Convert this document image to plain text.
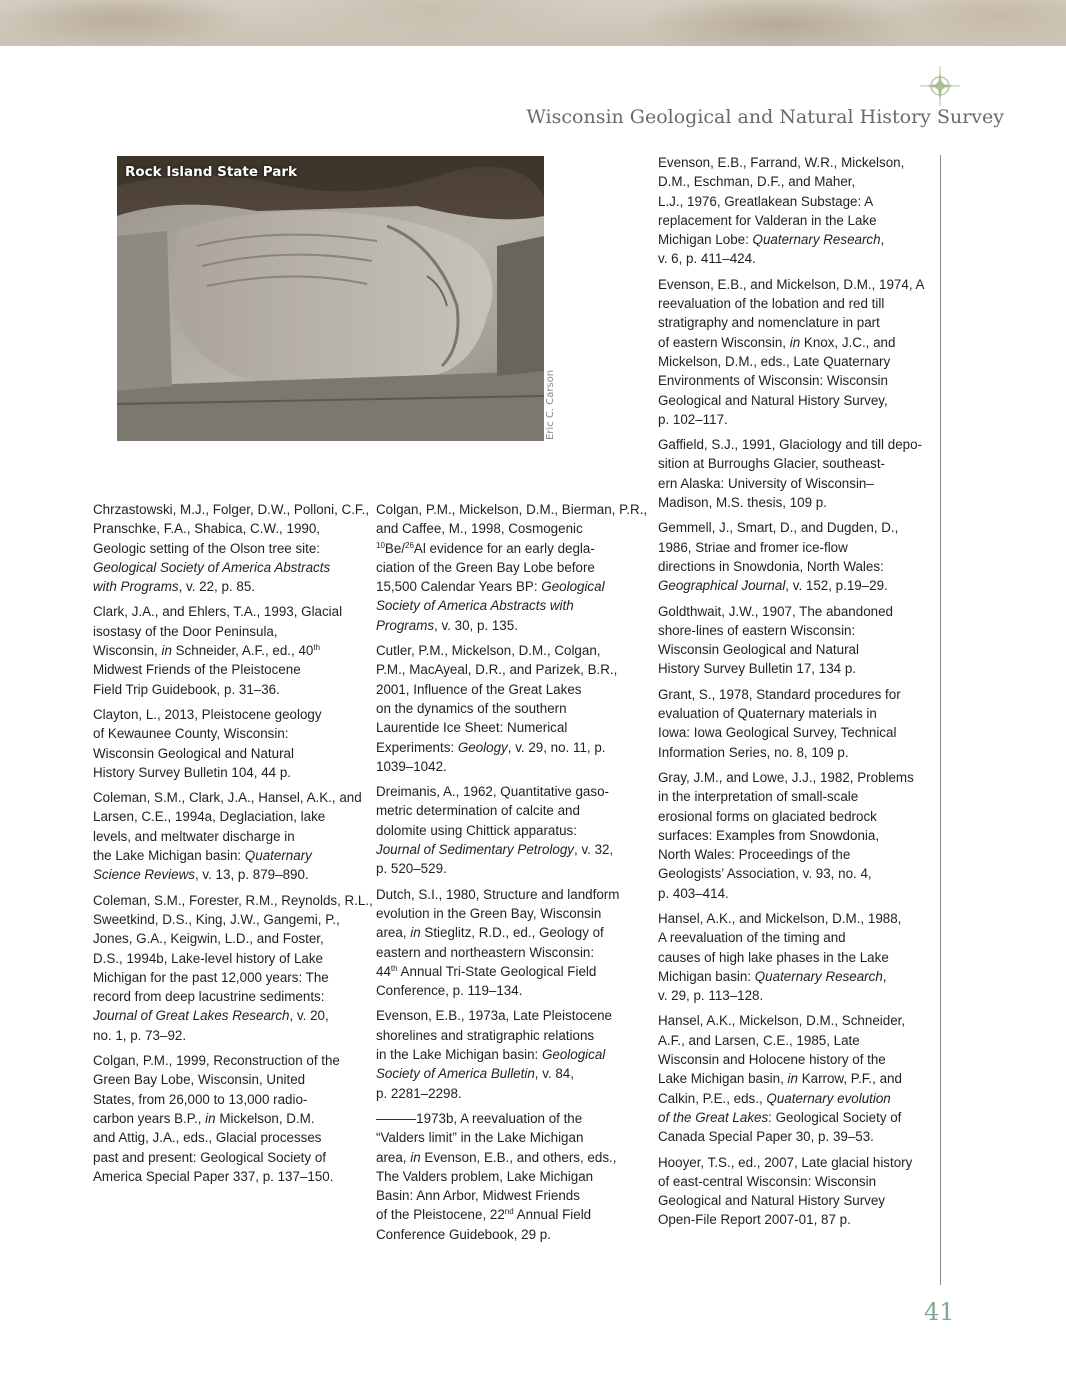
Wisconsin Geological and Natural History Survey
Rock Island State Park
Eric C. Carson

Chrzastowski, M.J., Folger, D.W., Polloni, C.F.,
Pranschke, F.A., Shabica, C.W., 1990,
Geologic setting of the Olson tree site:
Geological Society of America Abstracts
with Programs, v. 22, p. 85.

Clark, J.A., and Ehlers, T.A., 1993, Glacial
isostasy of the Door Peninsula,
Wisconsin, in Schneider, A.F., ed., 40th
Midwest Friends of the Pleistocene
Field Trip Guidebook, p. 31–36.

Clayton, L., 2013, Pleistocene geology
of Kewaunee County, Wisconsin:
Wisconsin Geological and Natural
History Survey Bulletin 104, 44 p.

Coleman, S.M., Clark, J.A., Hansel, A.K., and
Larsen, C.E., 1994a, Deglaciation, lake
levels, and meltwater discharge in
the Lake Michigan basin: Quaternary
Science Reviews, v. 13, p. 879–890.

Coleman, S.M., Forester, R.M., Reynolds, R.L.,
Sweetkind, D.S., King, J.W., Gangemi, P.,
Jones, G.A., Keigwin, L.D., and Foster,
D.S., 1994b, Lake-level history of Lake
Michigan for the past 12,000 years: The
record from deep lacustrine sediments:
Journal of Great Lakes Research, v. 20,
no. 1, p. 73–92.

Colgan, P.M., 1999, Reconstruction of the
Green Bay Lobe, Wisconsin, United
States, from 26,000 to 13,000 radio-
carbon years B.P., in Mickelson, D.M.
and Attig, J.A., eds., Glacial processes
past and present: Geological Society of
America Special Paper 337, p. 137–150.

Colgan, P.M., Mickelson, D.M., Bierman, P.R.,
and Caffee, M., 1998, Cosmogenic
$^{10}$Be/$^{26}$Al evidence for an early degla-
ciation of the Green Bay Lobe before
15,500 Calendar Years BP: Geological
Society of America Abstracts with
Programs, v. 30, p. 135.

Cutler, P.M., Mickelson, D.M., Colgan,
P.M., MacAyeal, D.R., and Parizek, B.R.,
2001, Influence of the Great Lakes
on the dynamics of the southern
Laurentide Ice Sheet: Numerical
Experiments: Geology, v. 29, no. 11, p.
1039–1042.

Dreimanis, A., 1962, Quantitative gaso-
metric determination of calcite and
dolomite using Chittick apparatus:
Journal of Sedimentary Petrology, v. 32,
p. 520–529.

Dutch, S.I., 1980, Structure and landform
evolution in the Green Bay, Wisconsin
area, in Stieglitz, R.D., ed., Geology of
eastern and northeastern Wisconsin:
44th Annual Tri-State Geological Field
Conference, p. 119–134.

Evenson, E.B., 1973a, Late Pleistocene
shorelines and stratigraphic relations
in the Lake Michigan basin: Geological
Society of America Bulletin, v. 84,
p. 2281–2298.

———1973b, A reevaluation of the
“Valders limit” in the Lake Michigan
area, in Evenson, E.B., and others, eds.,
The Valders problem, Lake Michigan
Basin: Ann Arbor, Midwest Friends
of the Pleistocene, 22nd Annual Field
Conference Guidebook, 29 p.

Evenson, E.B., Farrand, W.R., Mickelson,
D.M., Eschman, D.F., and Maher,
L.J., 1976, Greatlakean Substage: A
replacement for Valderan in the Lake
Michigan Lobe: Quaternary Research,
v. 6, p. 411–424.

Evenson, E.B., and Mickelson, D.M., 1974, A
reevaluation of the lobation and red till
stratigraphy and nomenclature in part
of eastern Wisconsin, in Knox, J.C., and
Mickelson, D.M., eds., Late Quaternary
Environments of Wisconsin: Wisconsin
Geological and Natural History Survey,
p. 102–117.

Gaffield, S.J., 1991, Glaciology and till depo-
sition at Burroughs Glacier, southeast-
ern Alaska: University of Wisconsin–
Madison, M.S. thesis, 109 p.

Gemmell, J., Smart, D., and Dugden, D.,
1986, Striae and fromer ice-flow
directions in Snowdonia, North Wales:
Geographical Journal, v. 152, p.19–29.

Goldthwait, J.W., 1907, The abandoned
shore-lines of eastern Wisconsin:
Wisconsin Geological and Natural
History Survey Bulletin 17, 134 p.

Grant, S., 1978, Standard procedures for
evaluation of Quaternary materials in
Iowa: Iowa Geological Survey, Technical
Information Series, no. 8, 109 p.

Gray, J.M., and Lowe, J.J., 1982, Problems
in the interpretation of small-scale
erosional forms on glaciated bedrock
surfaces: Examples from Snowdonia,
North Wales: Proceedings of the
Geologists’ Association, v. 93, no. 4,
p. 403–414.

Hansel, A.K., and Mickelson, D.M., 1988,
A reevaluation of the timing and
causes of high lake phases in the Lake
Michigan basin: Quaternary Research,
v. 29, p. 113–128.

Hansel, A.K., Mickelson, D.M., Schneider,
A.F., and Larsen, C.E., 1985, Late
Wisconsin and Holocene history of the
Lake Michigan basin, in Karrow, P.F., and
Calkin, P.E., eds., Quaternary evolution
of the Great Lakes: Geological Society of
Canada Special Paper 30, p. 39–53.

Hooyer, T.S., ed., 2007, Late glacial history
of east-central Wisconsin: Wisconsin
Geological and Natural History Survey
Open-File Report 2007-01, 87 p.

41
